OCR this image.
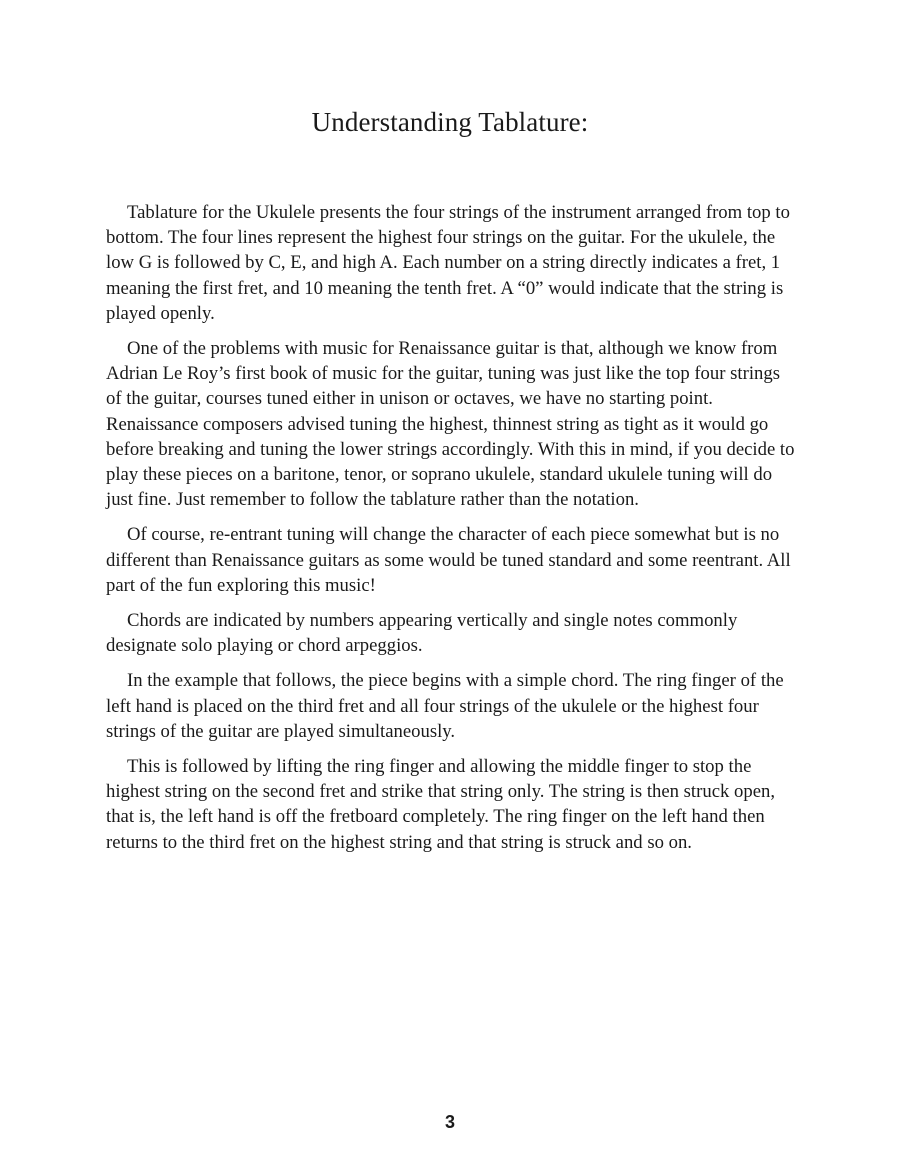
Understanding Tablature:

Tablature for the Ukulele presents the four strings of the instrument arranged from top to bottom. The four lines represent the highest four strings on the guitar. For the ukulele, the low G is followed by C, E, and high A. Each number on a string directly indicates a fret, 1 meaning the first fret, and 10 meaning the tenth fret. A “0” would indicate that the string is played openly.

One of the problems with music for Renaissance guitar is that, although we know from Adrian Le Roy’s first book of music for the guitar, tuning was just like the top four strings of the guitar, courses tuned either in unison or octaves, we have no starting point. Renaissance composers advised tuning the highest, thinnest string as tight as it would go before breaking and tuning the lower strings accordingly. With this in mind, if you decide to play these pieces on a baritone, tenor, or soprano ukulele, standard ukulele tuning will do just fine. Just remember to follow the tablature rather than the notation.

Of course, re-entrant tuning will change the character of each piece somewhat but is no different than Renaissance guitars as some would be tuned standard and some reentrant. All part of the fun exploring this music!

Chords are indicated by numbers appearing vertically and single notes commonly designate solo playing or chord arpeggios.

In the example that follows, the piece begins with a simple chord. The ring finger of the left hand is placed on the third fret and all four strings of the ukulele or the highest four strings of the guitar are played simultaneously.

This is followed by lifting the ring finger and allowing the middle finger to stop the highest string on the second fret and strike that string only. The string is then struck open, that is, the left hand is off the fretboard completely. The ring finger on the left hand then returns to the third fret on the highest string and that string is struck and so on.

3
